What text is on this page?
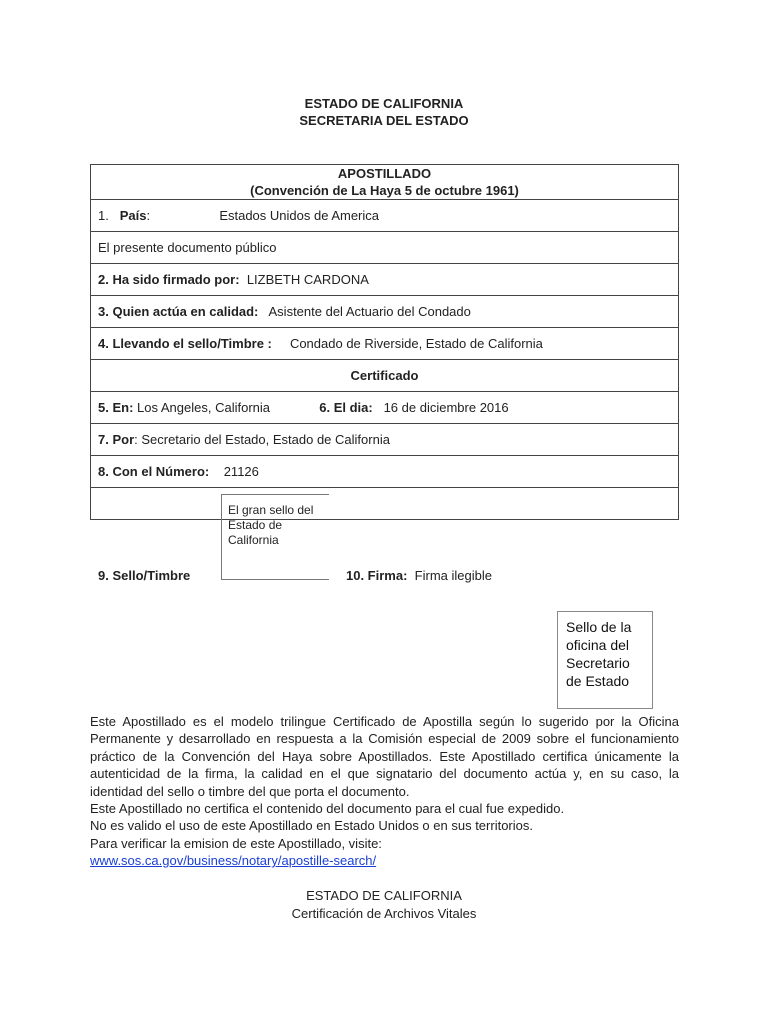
ESTADO DE CALIFORNIA
SECRETARIA DEL ESTADO
APOSTILLADO
(Convención de La Haya 5 de octubre 1961)

1. País:	Estados Unidos de America
El presente documento público
2. Ha sido firmado por: LIZBETH CARDONA
3. Quien actúa en calidad: Asistente del Actuario del Condado
4. Llevando el sello/Timbre : Condado de Riverside, Estado de California
Certificado
5. En: Los Angeles, California	6. El dia: 16 de diciembre 2016
7. Por: Secretario del Estado, Estado de California
8. Con el Número: 21126

El gran sello del Estado de California
9. Sello/Timbre	10. Firma: Firma ilegible
Sello de la oficina del Secretario de Estado

Este Apostillado es el modelo trilingue Certificado de Apostilla según lo sugerido por la Oficina Permanente y desarrollado en respuesta a la Comisión especial de 2009 sobre el funcionamiento práctico de la Convención del Haya sobre Apostillados. Este Apostillado certifica únicamente la autenticidad de la firma, la calidad en el que signatario del documento actúa y, en su caso, la identidad del sello o timbre del que porta el documento.

Este Apostillado no certifica el contenido del documento para el cual fue expedido.

No es valido el uso de este Apostillado en Estado Unidos o en sus territorios.

Para verificar la emision de este Apostillado, visite:

www.sos.ca.gov/business/notary/apostille-search/

ESTADO DE CALIFORNIA
Certificación de Archivos Vitales
